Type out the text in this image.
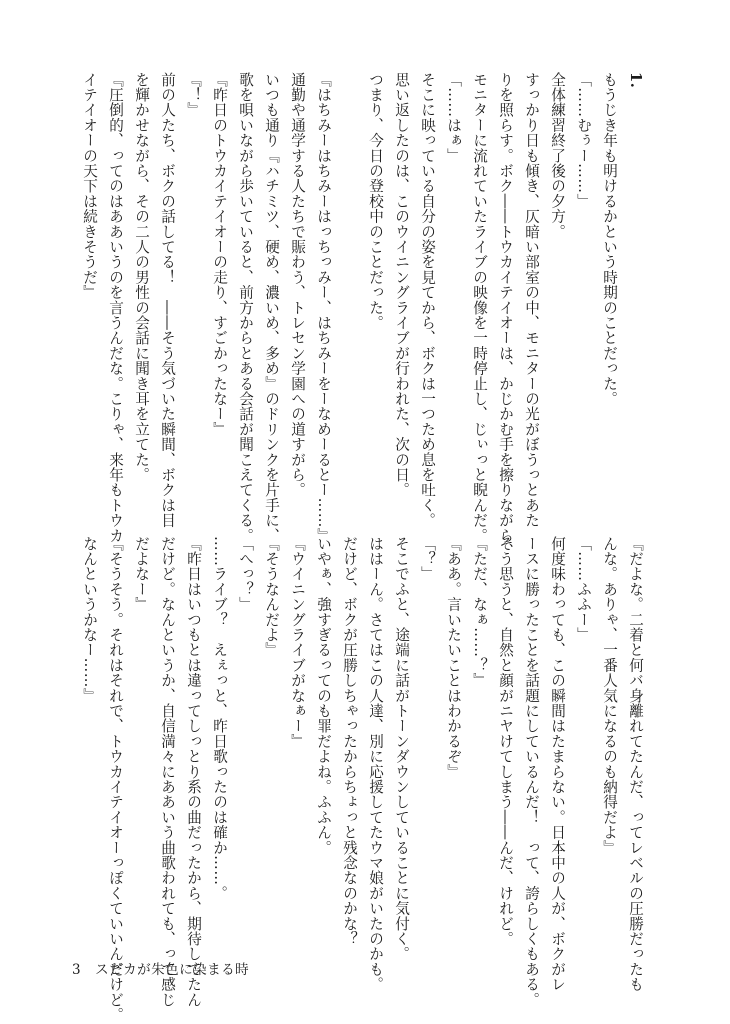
1.

もうじき年も明けるかという時期のことだった。

「……むぅー……」

全体練習終了後の夕方。

すっかり日も傾き、仄暗い部室の中、モニターの光がぼうっとあた

りを照らす。ボク――トウカイテイオーは、かじかむ手を擦りながら、

モニターに流れていたライブの映像を一時停止し、じぃっと睨んだ。

「……はぁ」

そこに映っている自分の姿を見てから、ボクは一つため息を吐く。

思い返したのは、このウイニングライブが行われた、次の日。

つまり、今日の登校中のことだった。

『はちみーはちみーはっちっみー、はちみーをーなめーるとー……』

通勤や通学する人たちで賑わう、トレセン学園への道すがら。

いつも通り『ハチミツ、硬め、濃いめ、多め』のドリンクを片手に、

歌を唄いながら歩いていると、前方からとある会話が聞こえてくる。

『昨日のトウカイテイオーの走り、すごかったなー』

『！』

前の人たち、ボクの話してる！　――そう気づいた瞬間、ボクは目

を輝かせながら、その二人の男性の会話に聞き耳を立てた。

『圧倒的、ってのはああいうのを言うんだな。こりゃ、来年もトウカ

イテイオーの天下は続きそうだ』

『だよな。二着と何バ身離れてたんだ、ってレベルの圧勝だったも

んな。ありゃ、一番人気になるのも納得だよ』

「……ふふー」

何度味わっても、この瞬間はたまらない。日本中の人が、ボクがレ

ースに勝ったことを話題にしているんだ！　って、誇らしくもある。

そう思うと、自然と顔がニヤけてしまう――んだ、けれど。

『ただ、なぁ……？』

『ああ。言いたいことはわかるぞ』

「？」

そこでふと、途端に話がトーンダウンしていることに気付く。

ははーん。さてはこの人達、別に応援してたウマ娘がいたのかも。

だけど、ボクが圧勝しちゃったからちょっと残念なのかな？

いやぁ、強すぎるってのも罪だよね。ふふん。

『ウイニングライブがなぁー』

『そうなんだよ』

「へっ？」

……ライブ？　えぇっと、昨日歌ったのは確か……。

『昨日はいつもとは違ってしっとり系の曲だったから、期待してたん

だけど。なんというか、自信満々にああいう曲歌われても、って感じ

だよなー』

『そうそう。それはそれで、トウカイテイオーっぽくていいんだけど。

なんというかなー……』

3 スピカが朱色に染まる時
